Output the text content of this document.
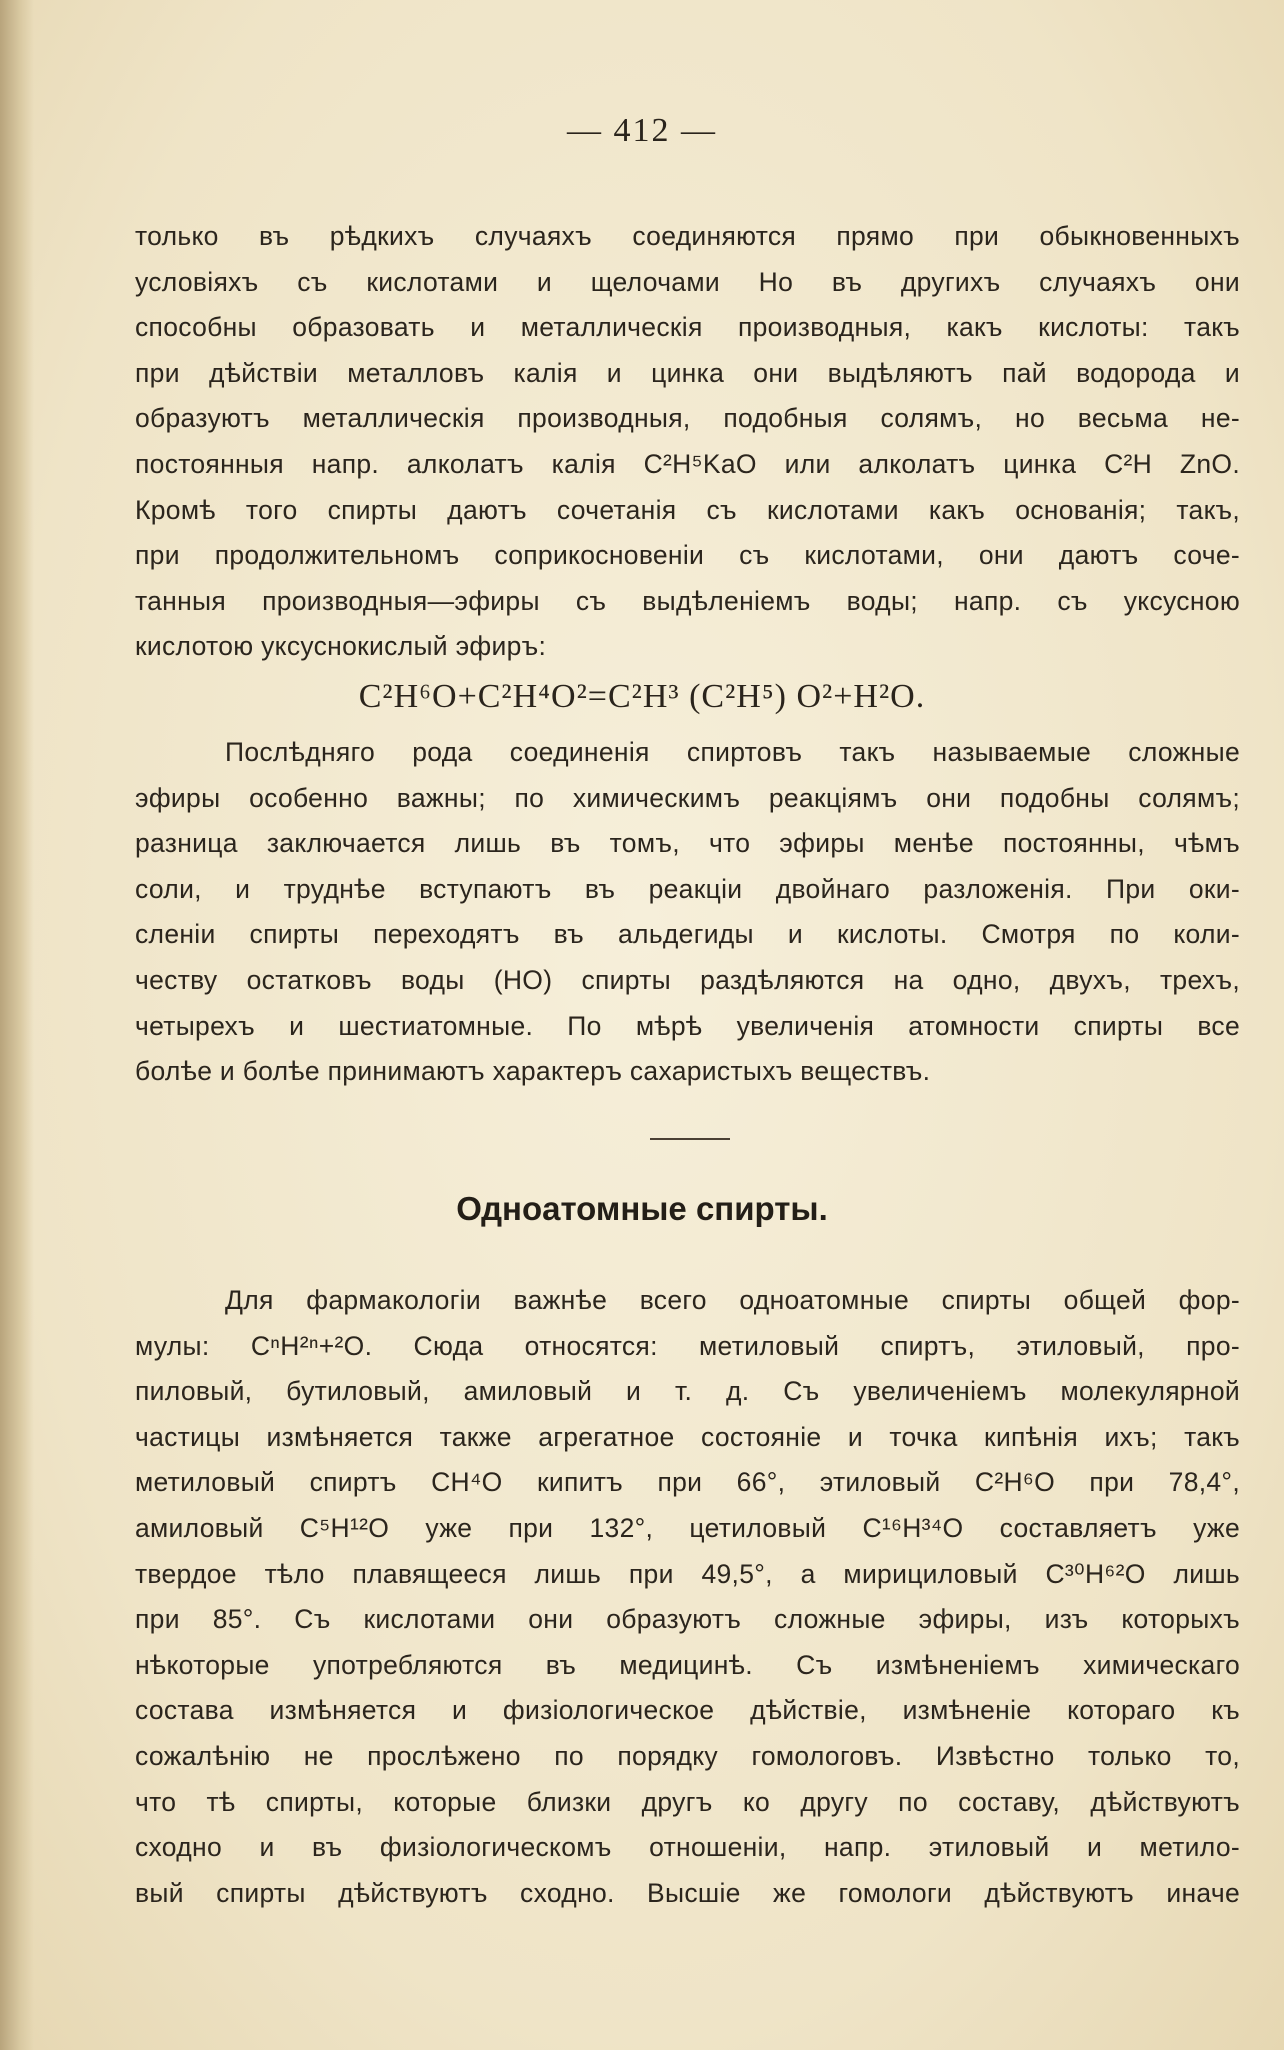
— 412 —
только въ рѣдкихъ случаяхъ соединяются прямо при обыкновенныхъ
условіяхъ съ кислотами и щелочами Но въ другихъ случаяхъ они
способны образовать и металлическія производныя, какъ кислоты: такъ
при дѣйствіи металловъ калія и цинка они выдѣляютъ пай водорода и
образуютъ металлическія производныя, подобныя солямъ, но весьма не-
постоянныя напр. алколатъ калія C²H⁵KaO или алколатъ цинка C²H ZnO.
Кромѣ того спирты даютъ сочетанія съ кислотами какъ основанія; такъ,
при продолжительномъ соприкосновеніи съ кислотами, они даютъ соче-
танныя производныя—эфиры съ выдѣленіемъ воды; напр. съ уксусною
кислотою уксуснокислый эфиръ:
C²H⁶O+C²H⁴O²=C²H³ (C²H⁵) O²+H²O.
Послѣдняго рода соединенія спиртовъ такъ называемые сложные
эфиры особенно важны; по химическимъ реакціямъ они подобны солямъ;
разница заключается лишь въ томъ, что эфиры менѣе постоянны, чѣмъ
соли, и труднѣе вступаютъ въ реакціи двойнаго разложенія. При оки-
сленіи спирты переходятъ въ альдегиды и кислоты. Смотря по коли-
честву остатковъ воды (HO) спирты раздѣляются на одно, двухъ, трехъ,
четырехъ и шестиатомные. По мѣрѣ увеличенія атомности спирты все
болѣе и болѣе принимаютъ характеръ сахаристыхъ веществъ.
Одноатомные спирты.
Для фармакологіи важнѣе всего одноатомные спирты общей фор-
мулы: CⁿH²ⁿ+²O. Сюда относятся: метиловый спиртъ, этиловый, про-
пиловый, бутиловый, амиловый и т. д. Съ увеличеніемъ молекулярной
частицы измѣняется также агрегатное состояніе и точка кипѣнія ихъ; такъ
метиловый спиртъ CH⁴O кипитъ при 66°, этиловый C²H⁶O при 78,4°,
амиловый C⁵H¹²O уже при 132°, цетиловый C¹⁶H³⁴O составляетъ уже
твердое тѣло плавящееся лишь при 49,5°, а мирициловый C³⁰H⁶²O лишь
при 85°. Съ кислотами они образуютъ сложные эфиры, изъ которыхъ
нѣкоторые употребляются въ медицинѣ. Съ измѣненіемъ химическаго
состава измѣняется и физіологическое дѣйствіе, измѣненіе котораго къ
сожалѣнію не прослѣжено по порядку гомологовъ. Извѣстно только то,
что тѣ спирты, которые близки другъ ко другу по составу, дѣйствуютъ
сходно и въ физіологическомъ отношеніи, напр. этиловый и метило-
вый спирты дѣйствуютъ сходно. Высшіе же гомологи дѣйствуютъ иначе
